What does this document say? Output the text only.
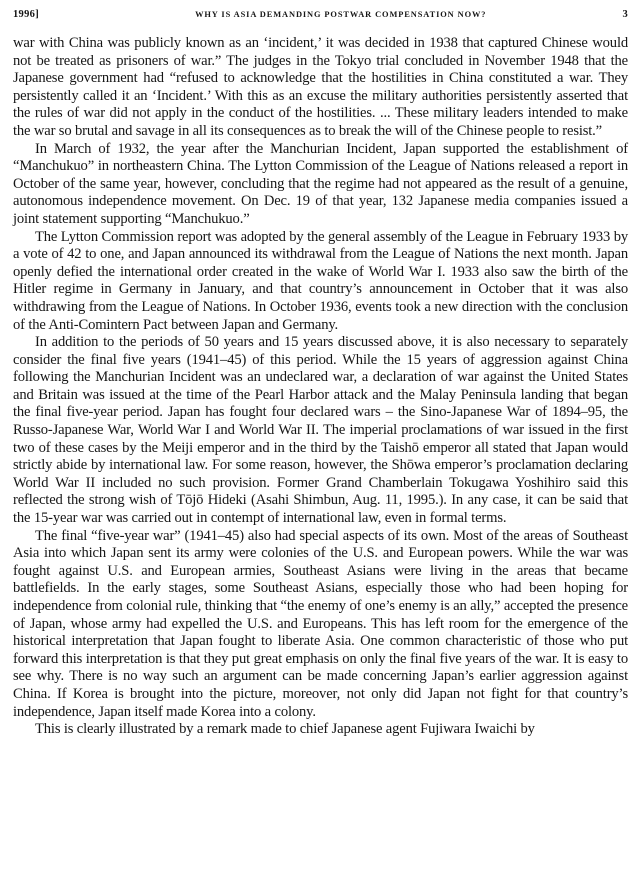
1996]	WHY IS ASIA DEMANDING POSTWAR COMPENSATION NOW?	3

war with China was publicly known as an ‘incident,’ it was decided in 1938 that captured Chinese would not be treated as prisoners of war.” The judges in the Tokyo trial concluded in November 1948 that the Japanese government had “refused to acknowledge that the hostilities in China constituted a war. They persistently called it an ‘Incident.’ With this as an excuse the military authorities persistently asserted that the rules of war did not apply in the conduct of the hostilities. ... These military leaders intended to make the war so brutal and savage in all its consequences as to break the will of the Chinese people to resist.”

In March of 1932, the year after the Manchurian Incident, Japan supported the establishment of “Manchukuo” in northeastern China. The Lytton Commission of the League of Nations released a report in October of the same year, however, concluding that the regime had not appeared as the result of a genuine, autonomous independence movement. On Dec. 19 of that year, 132 Japanese media companies issued a joint statement supporting “Manchukuo.”

The Lytton Commission report was adopted by the general assembly of the League in February 1933 by a vote of 42 to one, and Japan announced its withdrawal from the League of Nations the next month. Japan openly defied the international order created in the wake of World War I. 1933 also saw the birth of the Hitler regime in Germany in January, and that country’s announcement in October that it was also withdrawing from the League of Nations. In October 1936, events took a new direction with the conclusion of the Anti-Comintern Pact between Japan and Germany.

In addition to the periods of 50 years and 15 years discussed above, it is also necessary to separately consider the final five years (1941–45) of this period. While the 15 years of aggression against China following the Manchurian Incident was an undeclared war, a declaration of war against the United States and Britain was issued at the time of the Pearl Harbor attack and the Malay Peninsula landing that began the final five-year period. Japan has fought four declared wars – the Sino-Japanese War of 1894–95, the Russo-Japanese War, World War I and World War II. The imperial proclamations of war issued in the first two of these cases by the Meiji emperor and in the third by the Taishō emperor all stated that Japan would strictly abide by international law. For some reason, however, the Shōwa emperor’s proclamation declaring World War II included no such provision. Former Grand Chamberlain Tokugawa Yoshihiro said this reflected the strong wish of Tōjō Hideki (Asahi Shimbun, Aug. 11, 1995.). In any case, it can be said that the 15-year war was carried out in contempt of international law, even in formal terms.

The final “five-year war” (1941–45) also had special aspects of its own. Most of the areas of Southeast Asia into which Japan sent its army were colonies of the U.S. and European powers. While the war was fought against U.S. and European armies, Southeast Asians were living in the areas that became battlefields. In the early stages, some Southeast Asians, especially those who had been hoping for independence from colonial rule, thinking that “the enemy of one’s enemy is an ally,” accepted the presence of Japan, whose army had expelled the U.S. and Europeans. This has left room for the emergence of the historical interpretation that Japan fought to liberate Asia. One common characteristic of those who put forward this interpretation is that they put great emphasis on only the final five years of the war. It is easy to see why. There is no way such an argument can be made concerning Japan’s earlier aggression against China. If Korea is brought into the picture, moreover, not only did Japan not fight for that country’s independence, Japan itself made Korea into a colony.

This is clearly illustrated by a remark made to chief Japanese agent Fujiwara Iwaichi by
